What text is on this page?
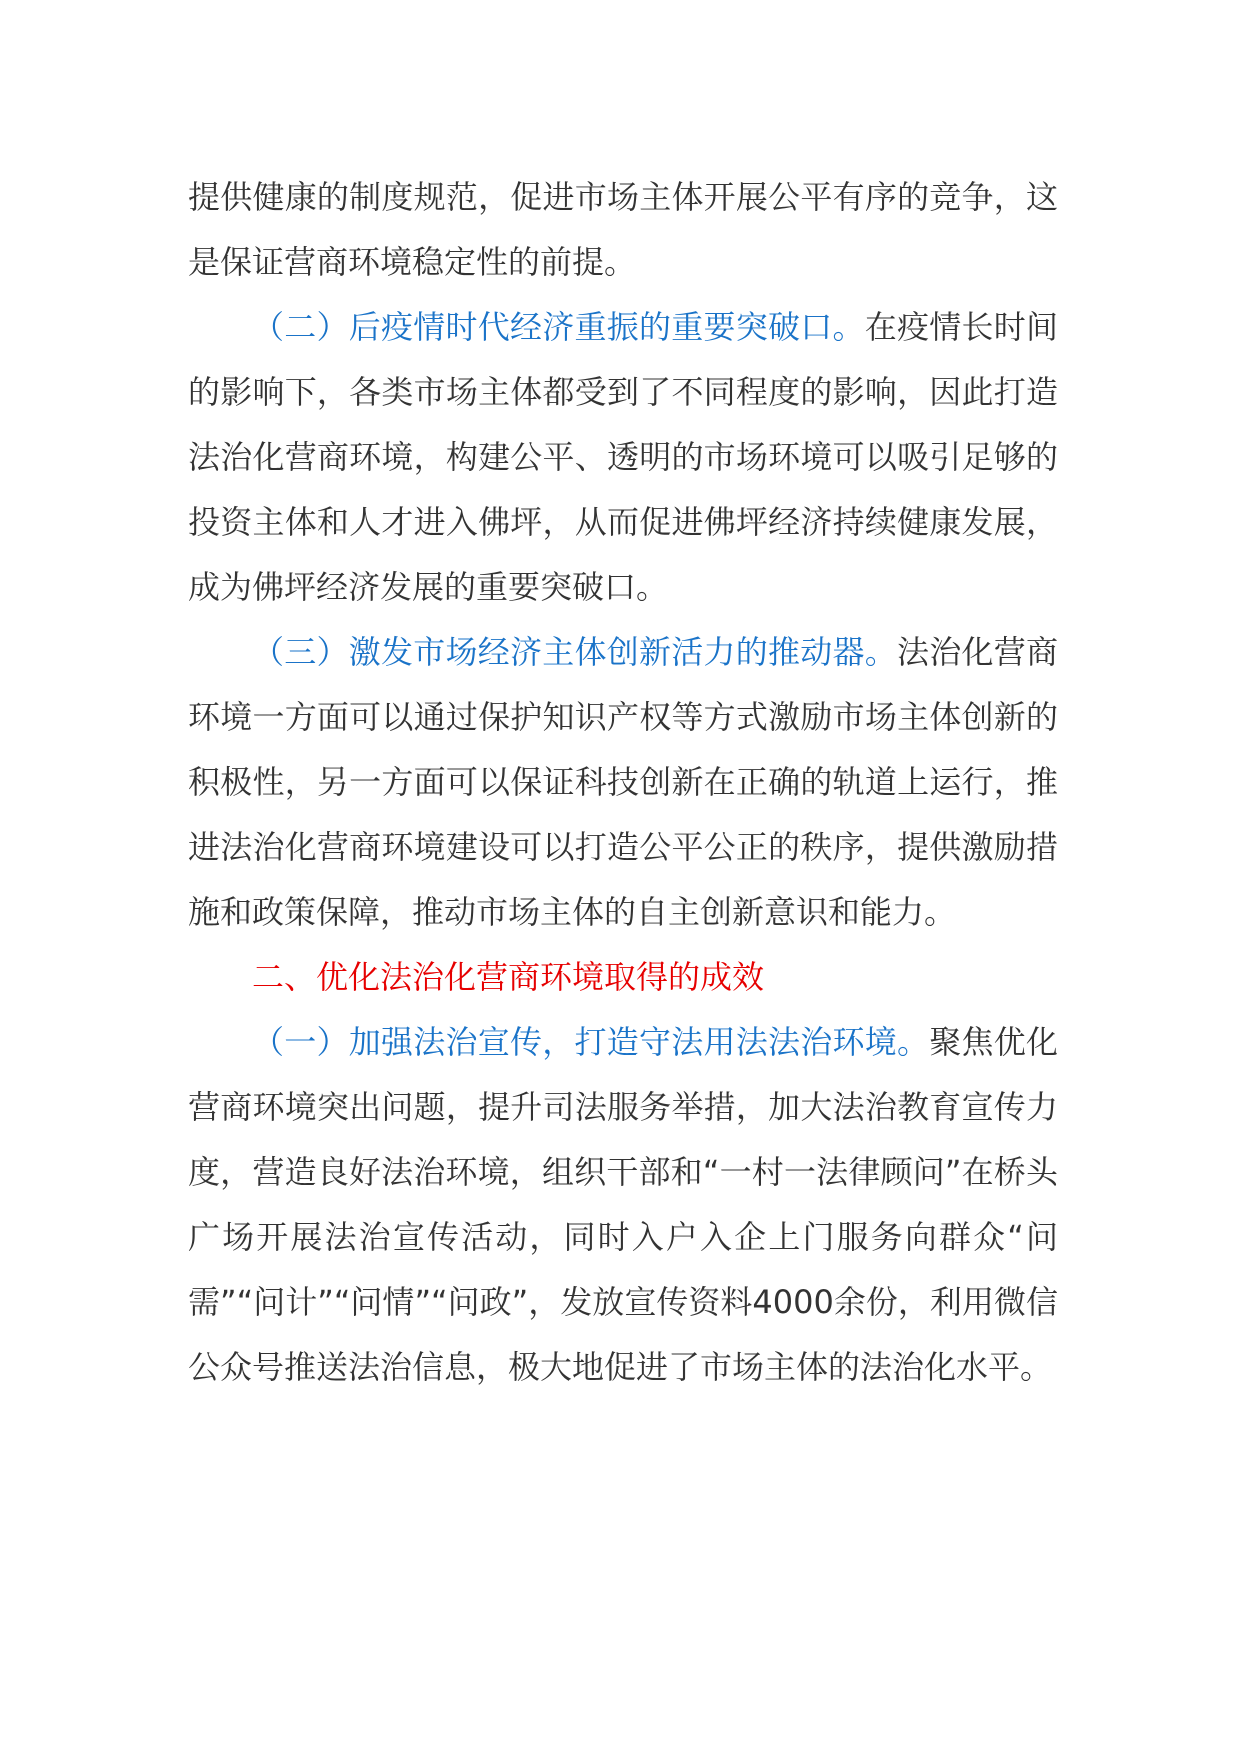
提供健康的制度规范，促进市场主体开展公平有序的竞争，这是保证营商环境稳定性的前提。

（二）后疫情时代经济重振的重要突破口。在疫情长时间的影响下，各类市场主体都受到了不同程度的影响，因此打造法治化营商环境，构建公平、透明的市场环境可以吸引足够的投资主体和人才进入佛坪，从而促进佛坪经济持续健康发展，成为佛坪经济发展的重要突破口。

（三）激发市场经济主体创新活力的推动器。法治化营商环境一方面可以通过保护知识产权等方式激励市场主体创新的积极性，另一方面可以保证科技创新在正确的轨道上运行，推进法治化营商环境建设可以打造公平公正的秩序，提供激励措施和政策保障，推动市场主体的自主创新意识和能力。

二、优化法治化营商环境取得的成效

（一）加强法治宣传，打造守法用法法治环境。聚焦优化营商环境突出问题，提升司法服务举措，加大法治教育宣传力度，营造良好法治环境，组织干部和“一村一法律顾问”在桥头广场开展法治宣传活动，同时入户入企上门服务向群众“问需”“问计”“问情”“问政”，发放宣传资料4000余份，利用微信公众号推送法治信息，极大地促进了市场主体的法治化水平。
